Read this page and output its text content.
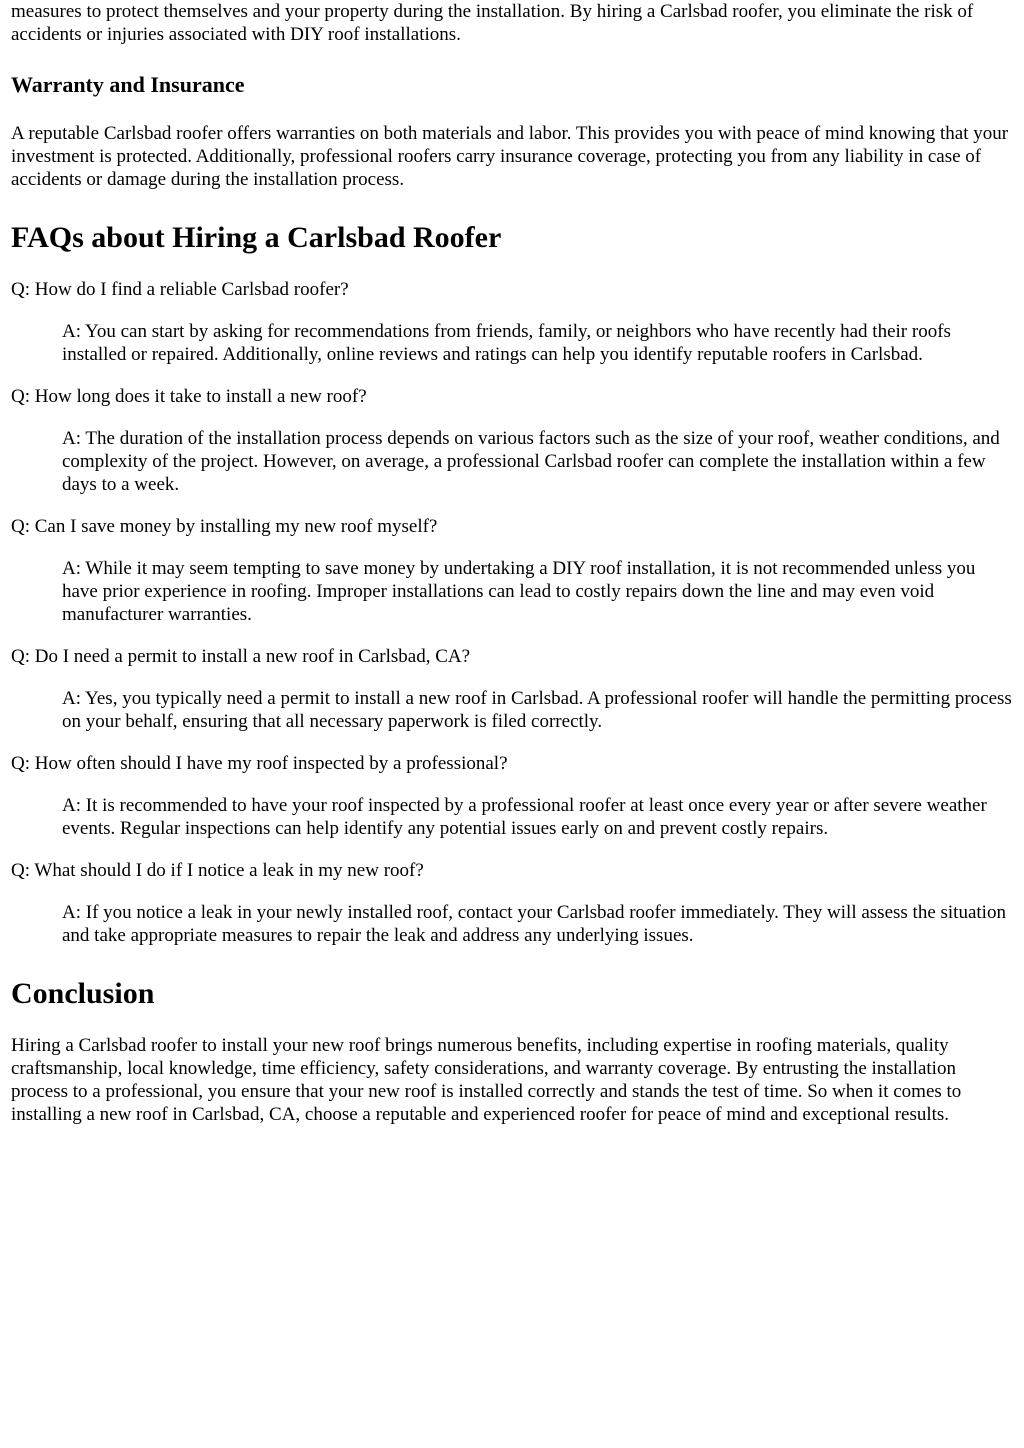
measures to protect themselves and your property during the installation. By hiring a Carlsbad roofer, you eliminate the risk of accidents or injuries associated with DIY roof installations.

Warranty and Insurance

A reputable Carlsbad roofer offers warranties on both materials and labor. This provides you with peace of mind knowing that your investment is protected. Additionally, professional roofers carry insurance coverage, protecting you from any liability in case of accidents or damage during the installation process.

FAQs about Hiring a Carlsbad Roofer
Q: How do I find a reliable Carlsbad roofer?
A: You can start by asking for recommendations from friends, family, or neighbors who have recently had their roofs installed or repaired. Additionally, online reviews and ratings can help you identify reputable roofers in Carlsbad.
Q: How long does it take to install a new roof?
A: The duration of the installation process depends on various factors such as the size of your roof, weather conditions, and complexity of the project. However, on average, a professional Carlsbad roofer can complete the installation within a few days to a week.
Q: Can I save money by installing my new roof myself?
A: While it may seem tempting to save money by undertaking a DIY roof installation, it is not recommended unless you have prior experience in roofing. Improper installations can lead to costly repairs down the line and may even void manufacturer warranties.
Q: Do I need a permit to install a new roof in Carlsbad, CA?
A: Yes, you typically need a permit to install a new roof in Carlsbad. A professional roofer will handle the permitting process on your behalf, ensuring that all necessary paperwork is filed correctly.
Q: How often should I have my roof inspected by a professional?
A: It is recommended to have your roof inspected by a professional roofer at least once every year or after severe weather events. Regular inspections can help identify any potential issues early on and prevent costly repairs.
Q: What should I do if I notice a leak in my new roof?
A: If you notice a leak in your newly installed roof, contact your Carlsbad roofer immediately. They will assess the situation and take appropriate measures to repair the leak and address any underlying issues.
Conclusion

Hiring a Carlsbad roofer to install your new roof brings numerous benefits, including expertise in roofing materials, quality craftsmanship, local knowledge, time efficiency, safety considerations, and warranty coverage. By entrusting the installation process to a professional, you ensure that your new roof is installed correctly and stands the test of time. So when it comes to installing a new roof in Carlsbad, CA, choose a reputable and experienced roofer for peace of mind and exceptional results.
